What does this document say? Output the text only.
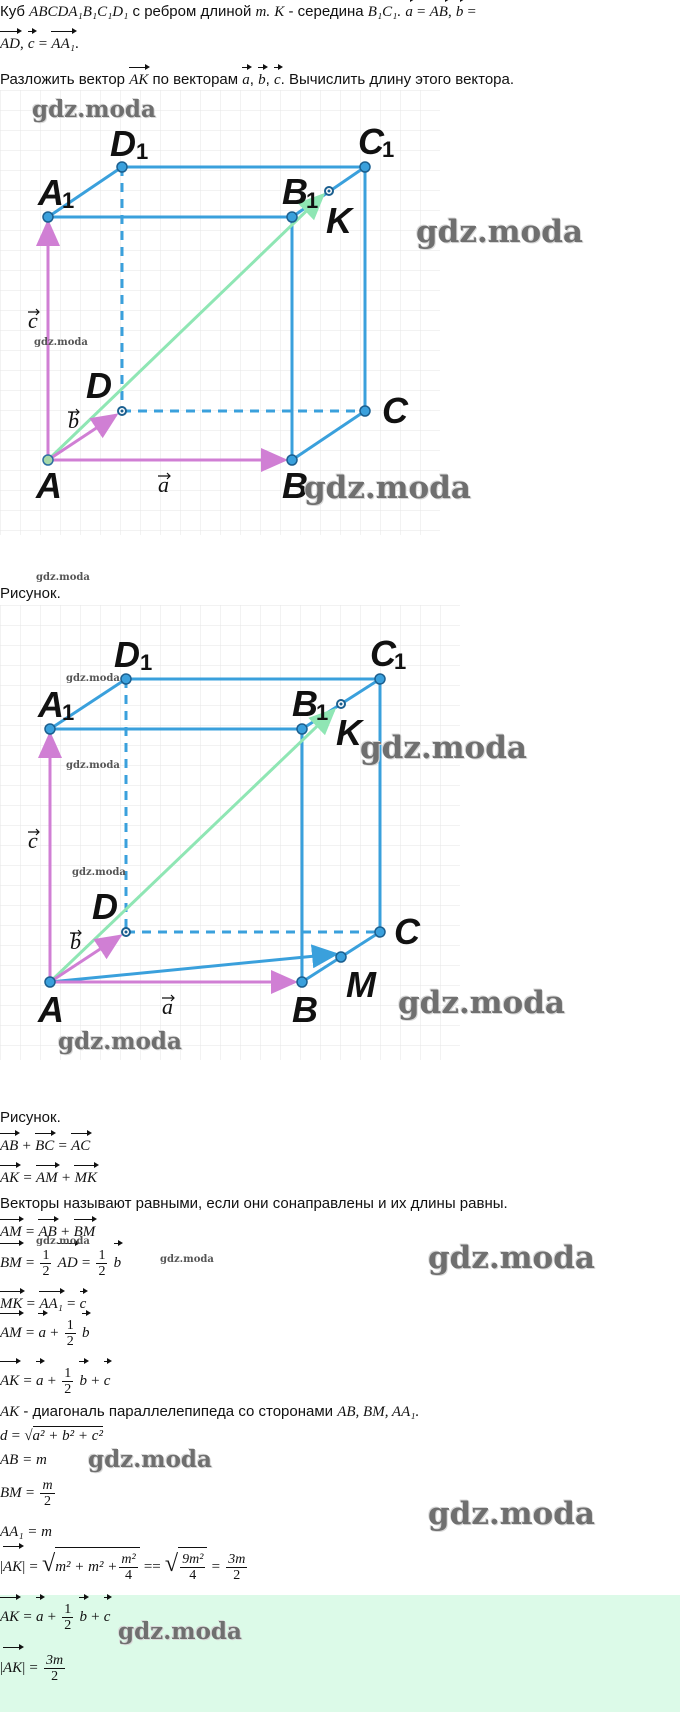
Куб ABCDA₁B₁C₁D₁ с ребром длиной m. K - середина B₁C₁. a = AB, b =
AD, c = AA₁.
Разложить вектор AK по векторам a, b, c. Вычислить длину этого вектора.
A	B
C
D
A
1
D 1
B
1
C
1
K
a
b
c
Рисунок.
A	B
C
D
M
A
1
D 1
B
1
C
1
K
a
b
c
Рисунок.
AB + BC = AC
AK = AM + MK
Векторы называют равными, если они сонаправлены и их длины равны.
AM = AB + BM
BM = $\frac{1}{2}$ AD = $\frac{1}{2}$ b
MK = AA₁ = c
AM = $a + \frac{1}{2}$ b
AK = $a + \frac{1}{2}$ b + c
AK - диагональ параллелепипеда со сторонами AB, BM, AA₁.
d = √a² + b² + c²
AB = m
BM = $\frac{m}{2}$
AA₁ = m
$|AK| = √m^2 + m^2 + \frac{\text{m²}}{4}$ == √ $\frac{\text{9m²}}{4} = \frac{3m}{2}$
AK = $a + \frac{1}{2}$ b + c
$|AK| = \frac{3m}{2}$
gdz.moda
gdz.moda
gdz.moda
gdz.moda
gdz.moda
gdz.moda
gdz.moda
gdz.moda
gdz.moda
gdz.moda
gdz.moda
gdz.moda
gdz.moda	gdz.moda
gdz.moda
gdz.moda
gdz.moda
